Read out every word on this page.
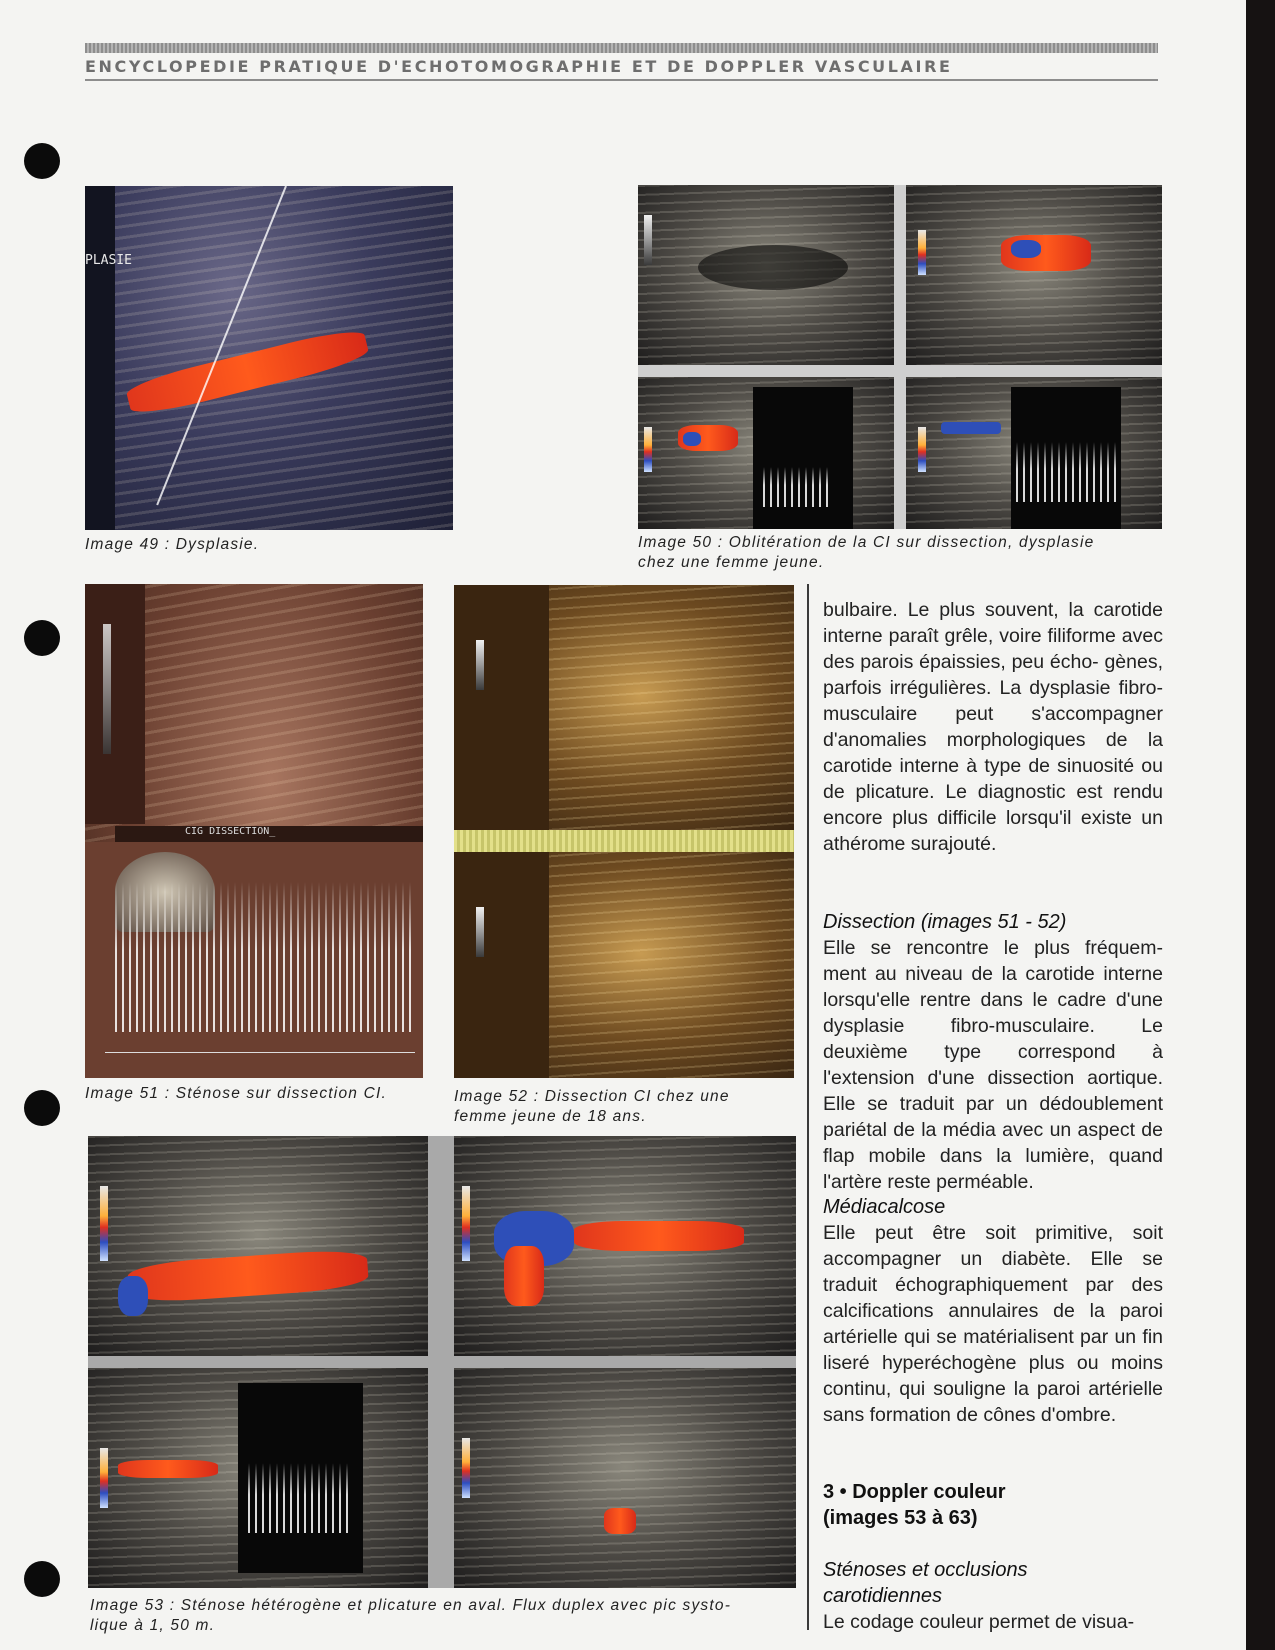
ENCYCLOPEDIE PRATIQUE D'ECHOTOMOGRAPHIE ET DE DOPPLER VASCULAIRE
PLASIE
Image 49 : Dysplasie.	Image 50 : Oblitération de la CI sur dissection, dysplasie
chez une femme jeune.
CIG DISSECTION_
Image 51 : Sténose sur dissection CI.	Image 52 : Dissection CI chez une
femme jeune de 18 ans.
Image 53 : Sténose hétérogène et plicature en aval. Flux duplex avec pic systo-
lique à 1, 50 m.
bulbaire. Le plus souvent, la carotide interne paraît grêle, voire filiforme avec des parois épaissies, peu écho- gènes, parfois irrégulières. La dysplasie fibro-musculaire peut s'accompagner d'anomalies morphologiques de la carotide interne à type de sinuosité ou de plicature. Le diagnostic est rendu encore plus difficile lorsqu'il existe un athérome surajouté.
Dissection (images 51 - 52)
Elle se rencontre le plus fréquem- ment au niveau de la carotide interne lorsqu'elle rentre dans le cadre d'une dysplasie fibro-musculaire. Le deuxième type correspond à l'extension d'une dissection aortique. Elle se traduit par un dédoublement pariétal de la média avec un aspect de flap mobile dans la lumière, quand l'artère reste perméable.
Médiacalcose
Elle peut être soit primitive, soit accompagner un diabète. Elle se traduit échographiquement par des calcifications annulaires de la paroi artérielle qui se matérialisent par un fin liseré hyperéchogène plus ou moins continu, qui souligne la paroi artérielle sans formation de cônes d'ombre.
3 • Doppler couleur
(images 53 à 63)
Sténoses et occlusions
carotidiennes
Le codage couleur permet de visua-
